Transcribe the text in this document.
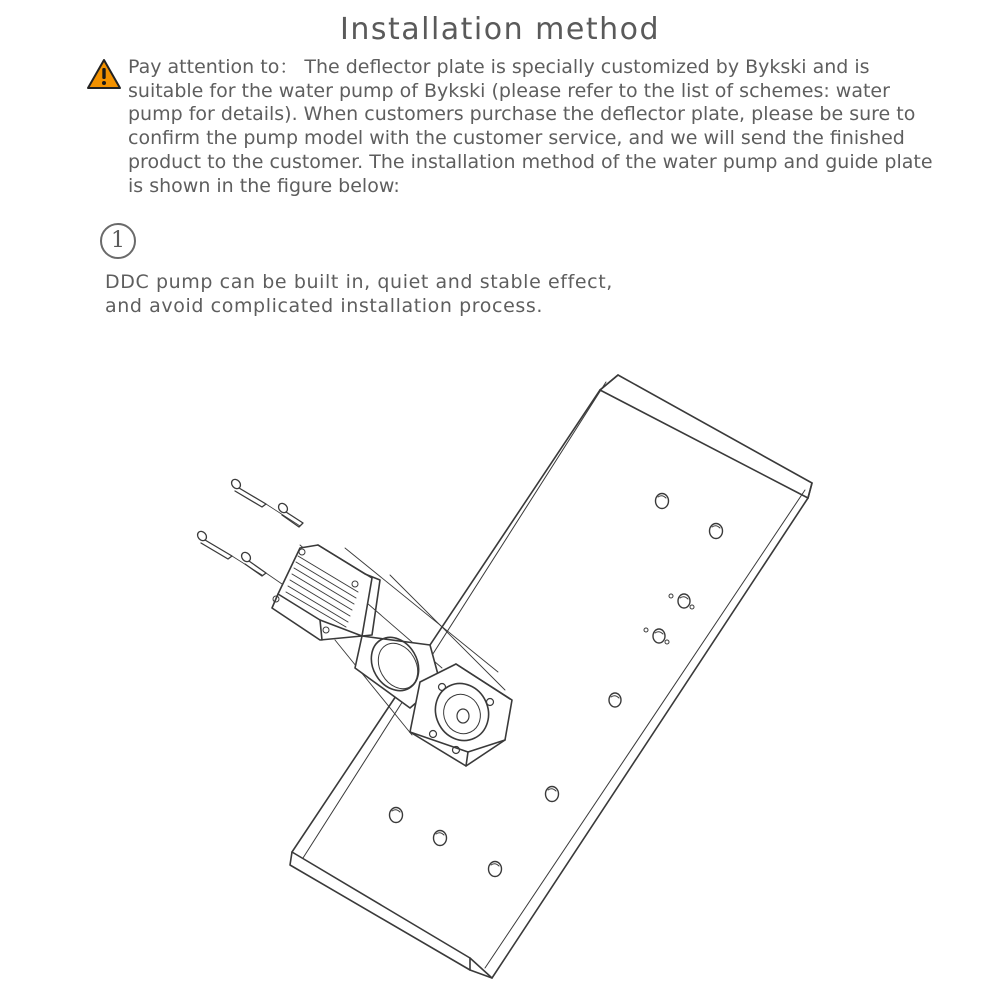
Installation method

Pay attention to： The deflector plate is specially customized by Bykski and is suitable for the water pump of Bykski (please refer to the list of schemes: water pump for details). When customers purchase the deflector plate, please be sure to confirm the pump model with the customer service, and we will send the finished product to the customer. The installation method of the water pump and guide plate is shown in the figure below:

1

DDC pump can be built in, quiet and stable effect,
and avoid complicated installation process.
